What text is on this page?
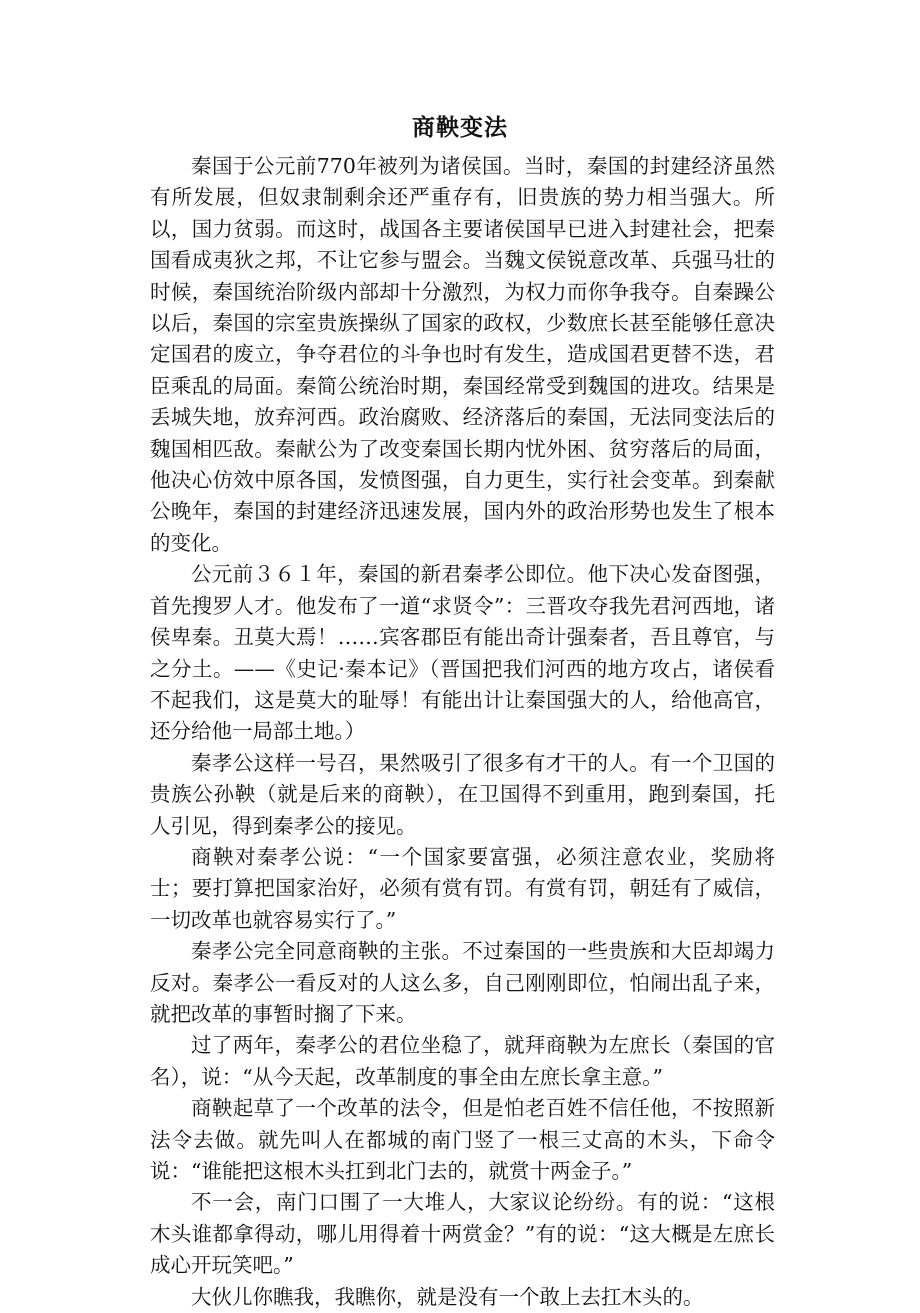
商鞅变法

秦国于公元前770年被列为诸侯国。当时，秦国的封建经济虽然有所发展，但奴隶制剩余还严重存有，旧贵族的势力相当强大。所以，国力贫弱。而这时，战国各主要诸侯国早已进入封建社会，把秦国看成夷狄之邦，不让它参与盟会。当魏文侯锐意改革、兵强马壮的时候，秦国统治阶级内部却十分激烈，为权力而你争我夺。自秦躁公以后，秦国的宗室贵族操纵了国家的政权，少数庶长甚至能够任意决定国君的废立，争夺君位的斗争也时有发生，造成国君更替不迭，君臣乘乱的局面。秦简公统治时期，秦国经常受到魏国的进攻。结果是丢城失地，放弃河西。政治腐败、经济落后的秦国，无法同变法后的魏国相匹敌。秦献公为了改变秦国长期内忧外困、贫穷落后的局面，他决心仿效中原各国，发愤图强，自力更生，实行社会变革。到秦献公晚年，秦国的封建经济迅速发展，国内外的政治形势也发生了根本的变化。

公元前３６１年，秦国的新君秦孝公即位。他下决心发奋图强，首先搜罗人才。他发布了一道“求贤令”：三晋攻夺我先君河西地，诸侯卑秦。丑莫大焉！……宾客郡臣有能出奇计强秦者，吾且尊官，与之分土。——《史记·秦本记》（晋国把我们河西的地方攻占，诸侯看不起我们，这是莫大的耻辱！有能出计让秦国强大的人，给他高官，还分给他一局部土地。）

秦孝公这样一号召，果然吸引了很多有才干的人。有一个卫国的贵族公孙鞅（就是后来的商鞅），在卫国得不到重用，跑到秦国，托人引见，得到秦孝公的接见。

商鞅对秦孝公说：“一个国家要富强，必须注意农业，奖励将士；要打算把国家治好，必须有赏有罚。有赏有罚，朝廷有了威信，一切改革也就容易实行了。”

秦孝公完全同意商鞅的主张。不过秦国的一些贵族和大臣却竭力反对。秦孝公一看反对的人这么多，自己刚刚即位，怕闹出乱子来，就把改革的事暂时搁了下来。

过了两年，秦孝公的君位坐稳了，就拜商鞅为左庶长（秦国的官名），说：“从今天起，改革制度的事全由左庶长拿主意。”

商鞅起草了一个改革的法令，但是怕老百姓不信任他，不按照新法令去做。就先叫人在都城的南门竖了一根三丈高的木头，下命令说：“谁能把这根木头扛到北门去的，就赏十两金子。”

不一会，南门口围了一大堆人，大家议论纷纷。有的说：“这根木头谁都拿得动，哪儿用得着十两赏金？”有的说：“这大概是左庶长成心开玩笑吧。”

大伙儿你瞧我，我瞧你，就是没有一个敢上去扛木头的。
